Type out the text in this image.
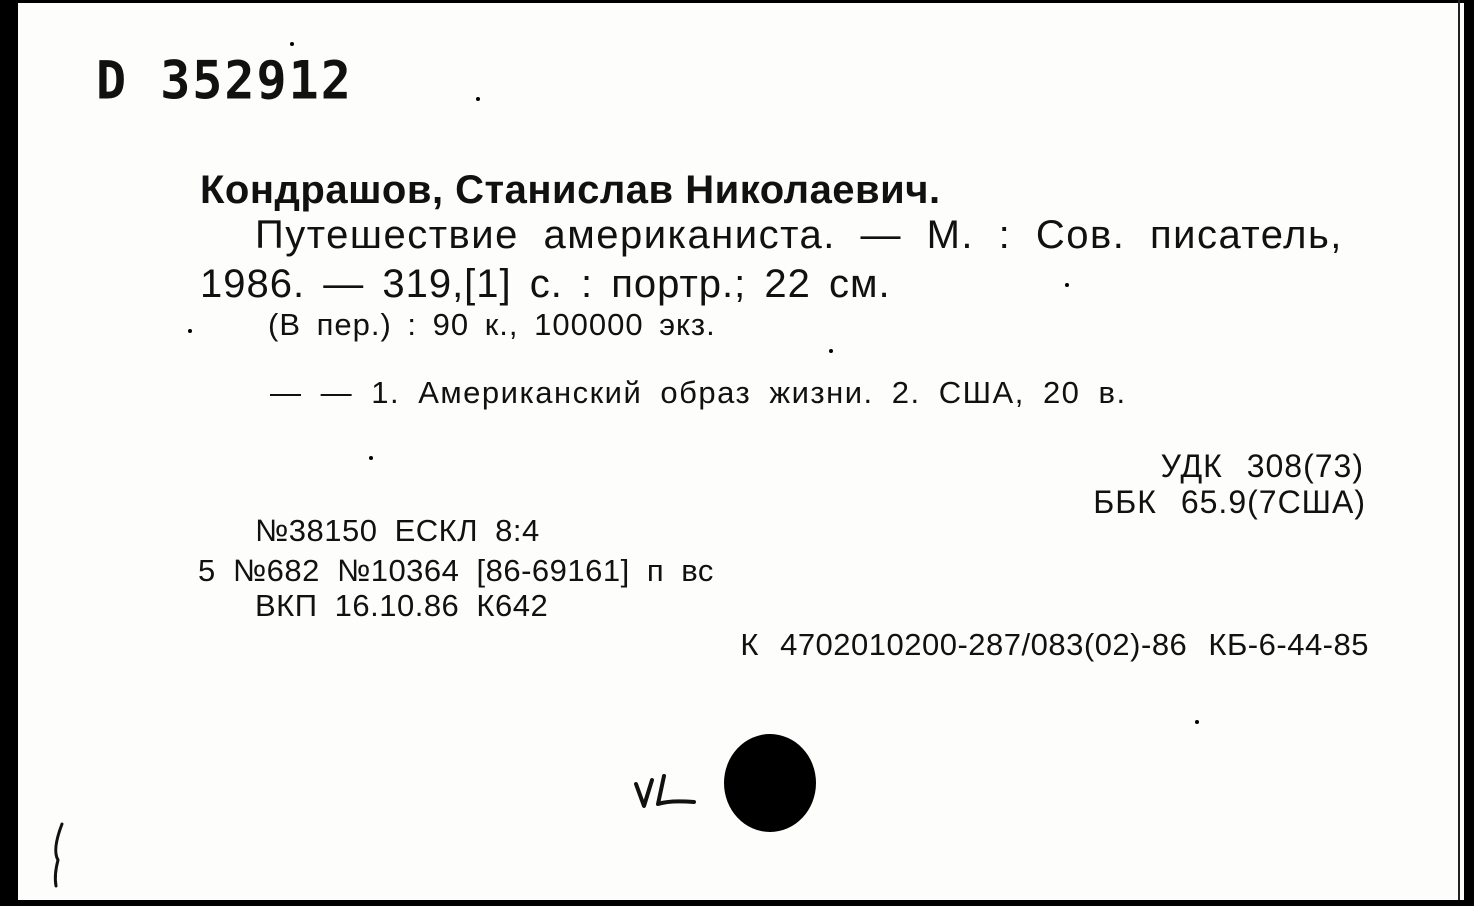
D 352912

Кондрашов, Станислав Николаевич.

Путешествие американиста. — М. : Сов. писатель,

1986. — 319,[1] с. : портр.; 22 см.

(В пер.) : 90 к., 100000 экз.

— — 1. Американский образ жизни. 2. США, 20 в.

УДК 308(73)

ББК 65.9(7США)

№38150 ЕСКЛ 8:4

5 №682 №10364 [86-69161] п вс

ВКП 16.10.86 К642

К 4702010200-287/083(02)-86 КБ-6-44-85
